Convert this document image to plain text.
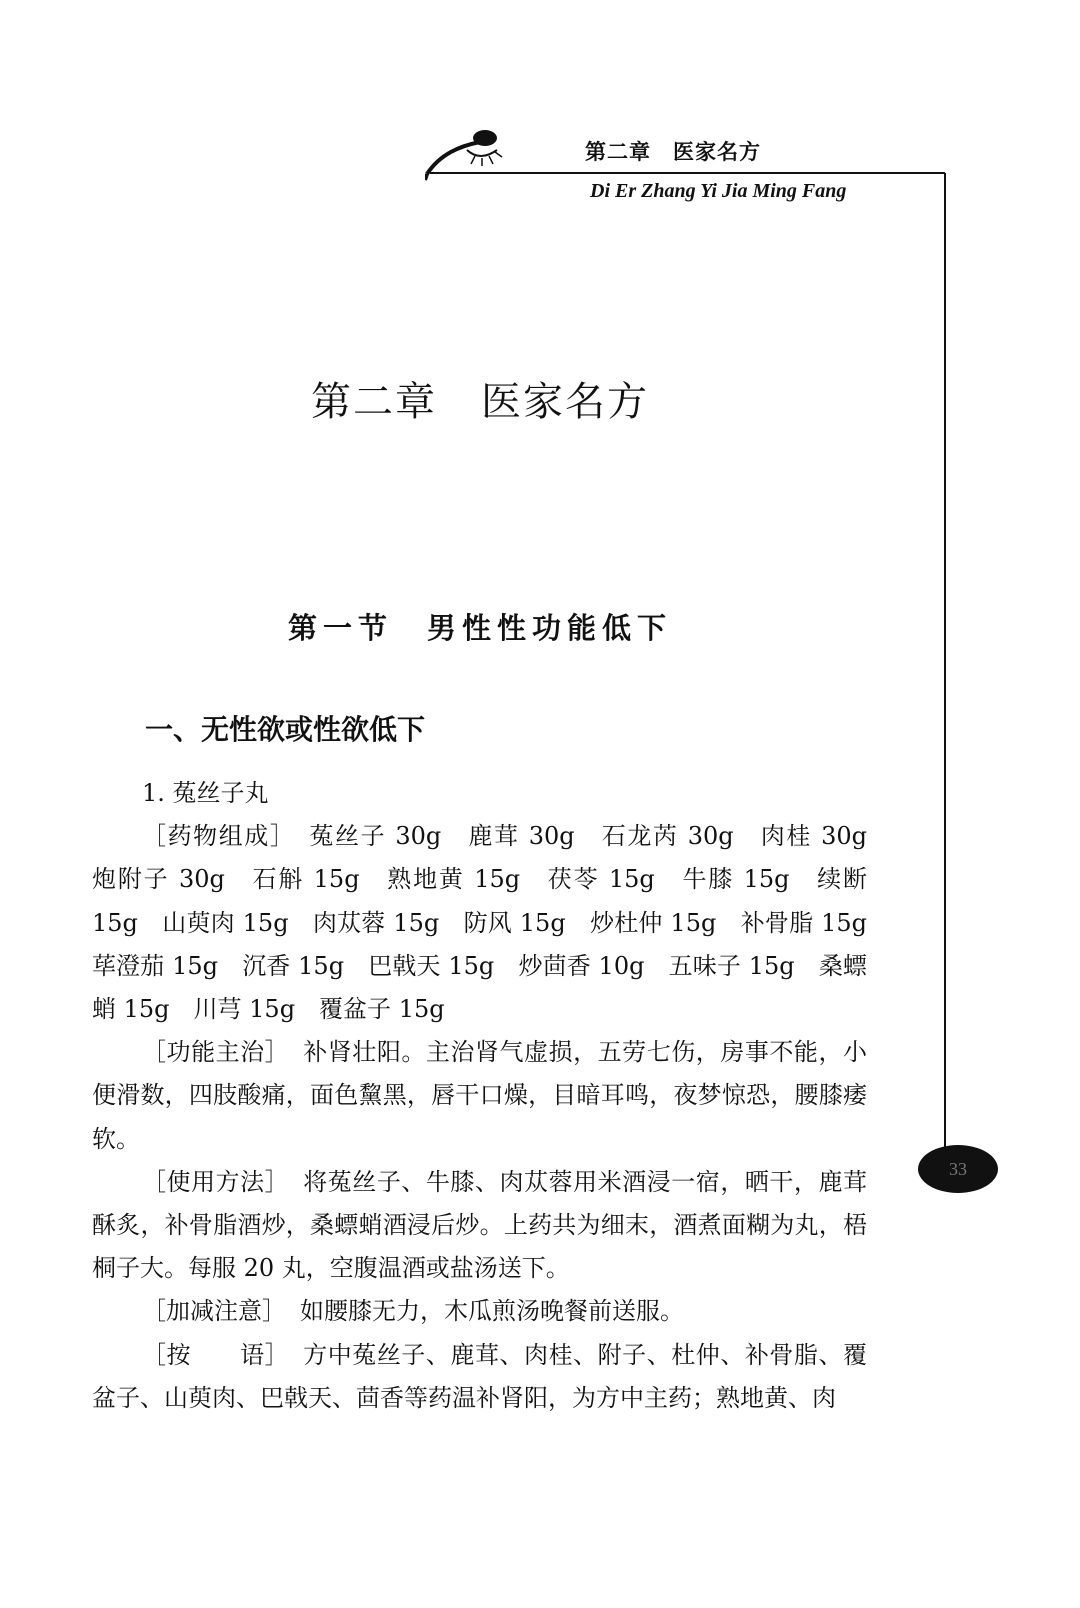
第二章　医家名方
Di Er Zhang Yi Jia Ming Fang
33
第二章 医家名方
第一节 男性性功能低下
一、无性欲或性欲低下

1. 菟丝子丸

［药物组成］ 菟丝子 30g　鹿茸 30g　石龙芮 30g　肉桂 30g　炮附子 30g　石斛 15g　熟地黄 15g　茯苓 15g　牛膝 15g　续断 15g　山萸肉 15g　肉苁蓉 15g　防风 15g　炒杜仲 15g　补骨脂 15g　荜澄茄 15g　沉香 15g　巴戟天 15g　炒茴香 10g　五味子 15g　桑螵蛸 15g　川芎 15g　覆盆子 15g

［功能主治］ 补肾壮阳。主治肾气虚损，五劳七伤，房事不能，小便滑数，四肢酸痛，面色黧黑，唇干口燥，目暗耳鸣，夜梦惊恐，腰膝痿软。

［使用方法］ 将菟丝子、牛膝、肉苁蓉用米酒浸一宿，晒干，鹿茸酥炙，补骨脂酒炒，桑螵蛸酒浸后炒。上药共为细末，酒煮面糊为丸，梧桐子大。每服 20 丸，空腹温酒或盐汤送下。

［加减注意］ 如腰膝无力，木瓜煎汤晚餐前送服。

［按　　语］ 方中菟丝子、鹿茸、肉桂、附子、杜仲、补骨脂、覆盆子、山萸肉、巴戟天、茴香等药温补肾阳，为方中主药；熟地黄、肉
